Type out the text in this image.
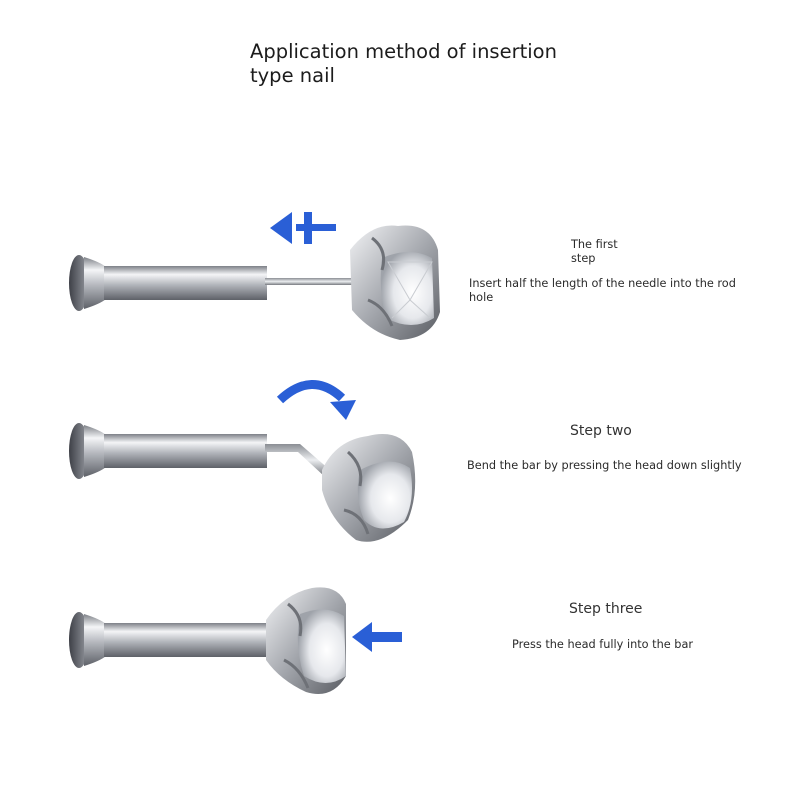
Application method of insertion
type nail
The first step
Insert half the length of the needle into the rod hole
Step two
Bend the bar by pressing the head down slightly
Step three
Press the head fully into the bar
